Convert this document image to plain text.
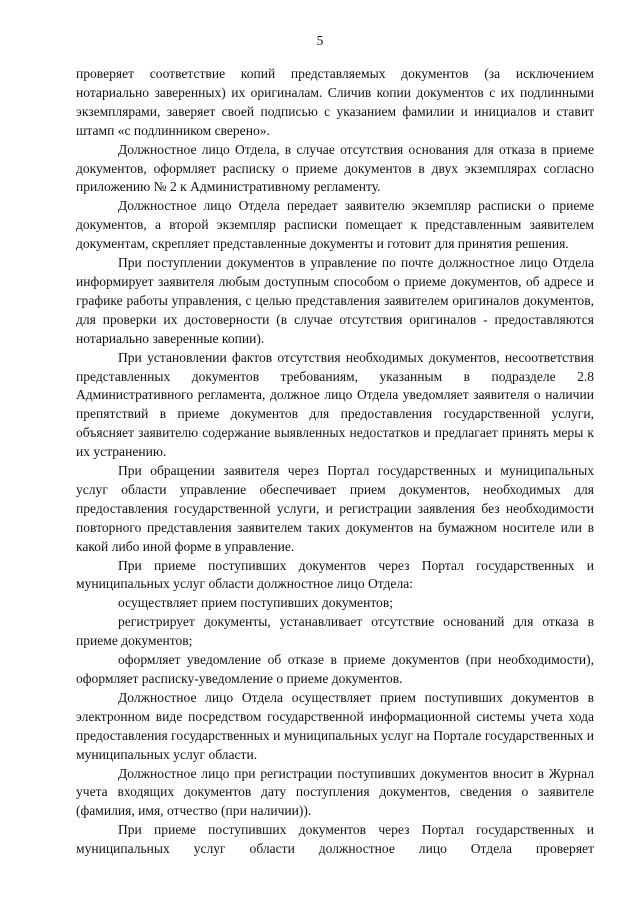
5

проверяет соответствие копий представляемых документов (за исключением нотариально заверенных) их оригиналам. Сличив копии документов с их подлинными экземплярами, заверяет своей подписью с указанием фамилии и инициалов и ставит штамп «с подлинником сверено».

Должностное лицо Отдела, в случае отсутствия основания для отказа в приеме документов, оформляет расписку о приеме документов в двух экземплярах согласно приложению № 2 к Административному регламенту.

Должностное лицо Отдела передает заявителю экземпляр расписки о приеме документов, а второй экземпляр расписки помещает к представленным заявителем документам, скрепляет представленные документы и готовит для принятия решения.

При поступлении документов в управление по почте должностное лицо Отдела информирует заявителя любым доступным способом о приеме документов, об адресе и графике работы управления, с целью представления заявителем оригиналов документов, для проверки их достоверности (в случае отсутствия оригиналов - предоставляются нотариально заверенные копии).

При установлении фактов отсутствия необходимых документов, несоответствия представленных документов требованиям, указанным в подразделе 2.8 Административного регламента, должное лицо Отдела уведомляет заявителя о наличии препятствий в приеме документов для предоставления государственной услуги, объясняет заявителю содержание выявленных недостатков и предлагает принять меры к их устранению.

При обращении заявителя через Портал государственных и муниципальных услуг области управление обеспечивает прием документов, необходимых для предоставления государственной услуги, и регистрации заявления без необходимости повторного представления заявителем таких документов на бумажном носителе или в какой либо иной форме в управление.

При приеме поступивших документов через Портал государственных и муниципальных услуг области должностное лицо Отдела:

осуществляет прием поступивших документов;

регистрирует документы, устанавливает отсутствие оснований для отказа в приеме документов;

оформляет уведомление об отказе в приеме документов (при необходимости), оформляет расписку-уведомление о приеме документов.

Должностное лицо Отдела осуществляет прием поступивших документов в электронном виде посредством государственной информационной системы учета хода предоставления государственных и муниципальных услуг на Портале государственных и муниципальных услуг области.

Должностное лицо при регистрации поступивших документов вносит в Журнал учета входящих документов дату поступления документов, сведения о заявителе (фамилия, имя, отчество (при наличии)).

При приеме поступивших документов через Портал государственных и муниципальных услуг области должностное лицо Отдела проверяет
